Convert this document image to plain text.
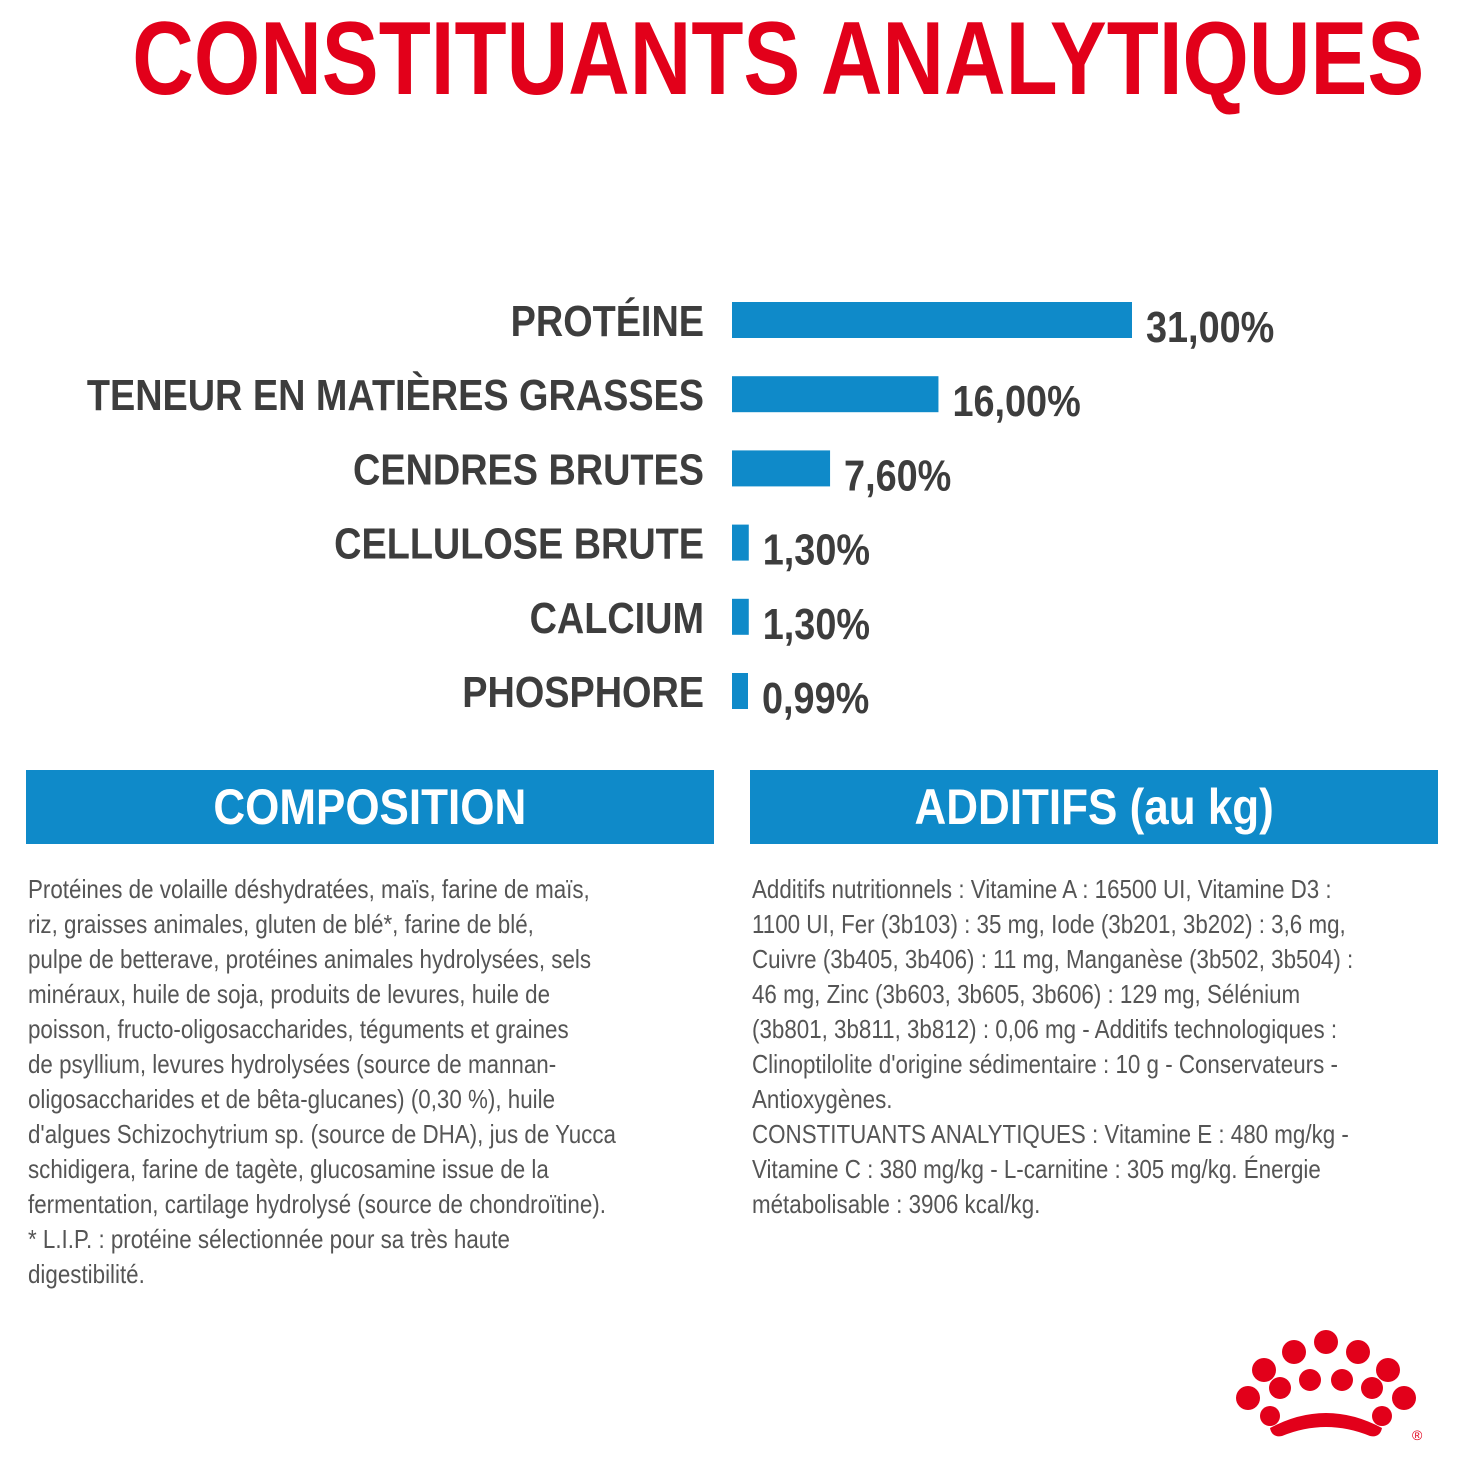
CONSTITUANTS ANALYTIQUES
PROTÉINE	31,00%
TENEUR EN MATIÈRES GRASSES	16,00%
CENDRES BRUTES	7,60%
CELLULOSE BRUTE 1,30%
CALCIUM 1,30%
PHOSPHORE 0,99%
COMPOSITION	ADDITIFS (au kg)

Protéines de volaille déshydratées, maïs, farine de maïs,
riz, graisses animales, gluten de blé*, farine de blé,
pulpe de betterave, protéines animales hydrolysées, sels
minéraux, huile de soja, produits de levures, huile de
poisson, fructo-oligosaccharides, téguments et graines
de psyllium, levures hydrolysées (source de mannan-
oligosaccharides et de bêta-glucanes) (0,30 %), huile
d'algues Schizochytrium sp. (source de DHA), jus de Yucca
schidigera, farine de tagète, glucosamine issue de la
fermentation, cartilage hydrolysé (source de chondroïtine).
* L.I.P. : protéine sélectionnée pour sa très haute
digestibilité.

Additifs nutritionnels : Vitamine A : 16500 UI, Vitamine D3 :
1100 UI, Fer (3b103) : 35 mg, Iode (3b201, 3b202) : 3,6 mg,
Cuivre (3b405, 3b406) : 11 mg, Manganèse (3b502, 3b504) :
46 mg, Zinc (3b603, 3b605, 3b606) : 129 mg, Sélénium
(3b801, 3b811, 3b812) : 0,06 mg - Additifs technologiques :
Clinoptilolite d'origine sédimentaire : 10 g - Conservateurs -
Antioxygènes.
CONSTITUANTS ANALYTIQUES : Vitamine E : 480 mg/kg -
Vitamine C : 380 mg/kg - L-carnitine : 305 mg/kg. Énergie
métabolisable : 3906 kcal/kg.

®
